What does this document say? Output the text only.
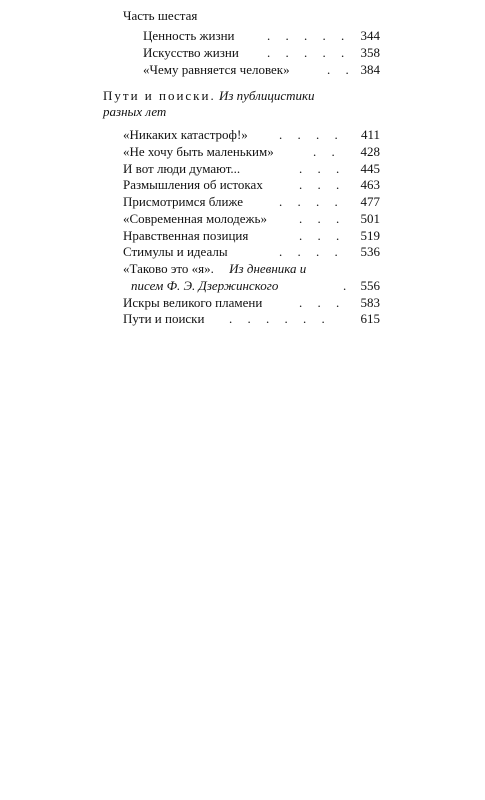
Часть шестая
Ценность жизни . . . . . 344
Искусство жизни . . . . . 358
«Чему равняется человек»	. . 384
Пути и поиски. Из публицистики
разных лет
«Никаких катастроф!» . . . . 411
«Не хочу быть маленьким»	. . 428
И вот люди думают...	. . . 445
Размышления об истоках	. . . 463
Присмотримся ближе	. . . . 477
«Современная молодежь» . . . 501
Нравственная позиция	. . . 519
Стимулы и идеалы	. . . . 536
«Таково это «я». Из дневника и
писем Ф. Э. Дзержинского	. 556
Искры великого пламени	. . . 583
Пути и поиски . . . . . . 615
